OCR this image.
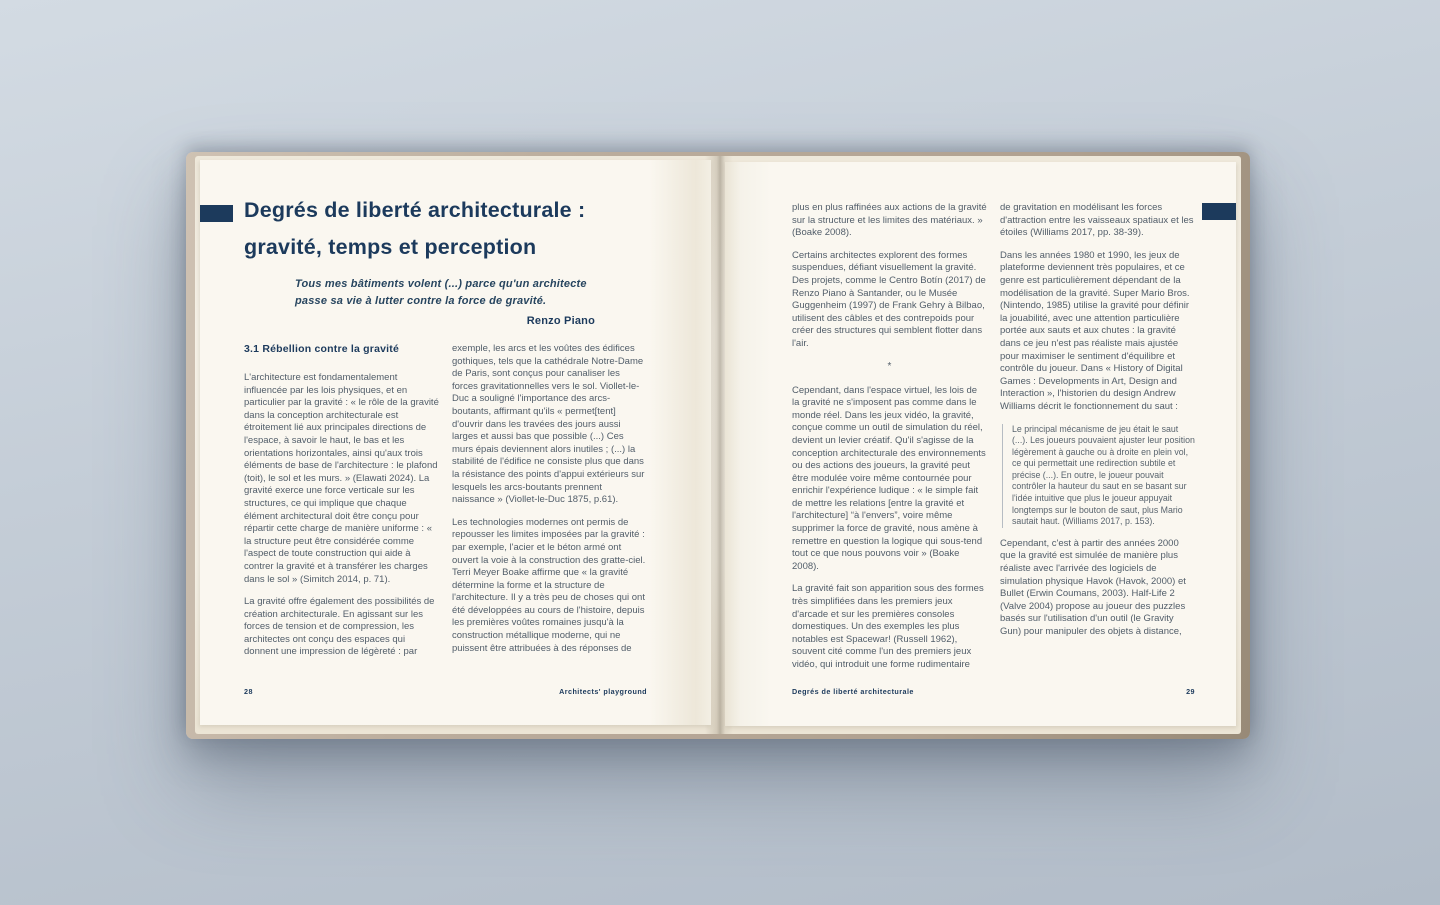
Degrés de liberté architecturale :
gravité, temps et perception
Tous mes bâtiments volent (...) parce qu'un architecte
passe sa vie à lutter contre la force de gravité.
Renzo Piano
3.1 Rébellion contre la gravité

L'architecture est fondamentalement influencée par les lois physiques, et en particulier par la gravité : « le rôle de la gravité dans la conception architecturale est étroitement lié aux principales directions de l'espace, à savoir le haut, le bas et les orientations horizontales, ainsi qu'aux trois éléments de base de l'architecture : le plafond (toit), le sol et les murs. » (Elawati 2024). La gravité exerce une force verticale sur les structures, ce qui implique que chaque élément architectural doit être conçu pour répartir cette charge de manière uniforme : « la structure peut être considérée comme l'aspect de toute construction qui aide à contrer la gravité et à transférer les charges dans le sol » (Simitch 2014, p. 71).

La gravité offre également des possibilités de création architecturale. En agissant sur les forces de tension et de compression, les architectes ont conçu des espaces qui donnent une impression de légèreté : par

exemple, les arcs et les voûtes des édifices gothiques, tels que la cathédrale Notre-Dame de Paris, sont conçus pour canaliser les forces gravitationnelles vers le sol. Viollet-le-Duc a souligné l'importance des arcs-boutants, affirmant qu'ils « permet[tent] d'ouvrir dans les travées des jours aussi larges et aussi bas que possible (...) Ces murs épais deviennent alors inutiles ; (...) la stabilité de l'édifice ne consiste plus que dans la résistance des points d'appui extérieurs sur lesquels les arcs-boutants prennent naissance » (Viollet-le-Duc 1875, p.61).

Les technologies modernes ont permis de repousser les limites imposées par la gravité : par exemple, l'acier et le béton armé ont ouvert la voie à la construction des gratte-ciel. Terri Meyer Boake affirme que « la gravité détermine la forme et la structure de l'architecture. Il y a très peu de choses qui ont été développées au cours de l'histoire, depuis les premières voûtes romaines jusqu'à la construction métallique moderne, qui ne puissent être attribuées à des réponses de

28	Architects' playground

plus en plus raffinées aux actions de la gravité sur la structure et les limites des matériaux. » (Boake 2008).

Certains architectes explorent des formes suspendues, défiant visuellement la gravité. Des projets, comme le Centro Botín (2017) de Renzo Piano à Santander, ou le Musée Guggenheim (1997) de Frank Gehry à Bilbao, utilisent des câbles et des contrepoids pour créer des structures qui semblent flotter dans l'air.

*

Cependant, dans l'espace virtuel, les lois de la gravité ne s'imposent pas comme dans le monde réel. Dans les jeux vidéo, la gravité, conçue comme un outil de simulation du réel, devient un levier créatif. Qu'il s'agisse de la conception architecturale des environnements ou des actions des joueurs, la gravité peut être modulée voire même contournée pour enrichir l'expérience ludique : « le simple fait de mettre les relations [entre la gravité et l'architecture] “à l'envers”, voire même supprimer la force de gravité, nous amène à remettre en question la logique qui sous-tend tout ce que nous pouvons voir » (Boake 2008).

La gravité fait son apparition sous des formes très simplifiées dans les premiers jeux d'arcade et sur les premières consoles domestiques. Un des exemples les plus notables est Spacewar! (Russell 1962), souvent cité comme l'un des premiers jeux vidéo, qui introduit une forme rudimentaire

de gravitation en modélisant les forces d'attraction entre les vaisseaux spatiaux et les étoiles (Williams 2017, pp. 38-39).

Dans les années 1980 et 1990, les jeux de plateforme deviennent très populaires, et ce genre est particulièrement dépendant de la modélisation de la gravité. Super Mario Bros. (Nintendo, 1985) utilise la gravité pour définir la jouabilité, avec une attention particulière portée aux sauts et aux chutes : la gravité dans ce jeu n'est pas réaliste mais ajustée pour maximiser le sentiment d'équilibre et contrôle du joueur. Dans « History of Digital Games : Developments in Art, Design and Interaction », l'historien du design Andrew Williams décrit le fonctionnement du saut :

Le principal mécanisme de jeu était le saut (...). Les joueurs pouvaient ajuster leur position légèrement à gauche ou à droite en plein vol, ce qui permettait une redirection subtile et précise (...). En outre, le joueur pouvait contrôler la hauteur du saut en se basant sur l'idée intuitive que plus le joueur appuyait longtemps sur le bouton de saut, plus Mario sautait haut. (Williams 2017, p. 153).

Cependant, c'est à partir des années 2000 que la gravité est simulée de manière plus réaliste avec l'arrivée des logiciels de simulation physique Havok (Havok, 2000) et Bullet (Erwin Coumans, 2003). Half-Life 2 (Valve 2004) propose au joueur des puzzles basés sur l'utilisation d'un outil (le Gravity Gun) pour manipuler des objets à distance,

Degrés de liberté architecturale	29
